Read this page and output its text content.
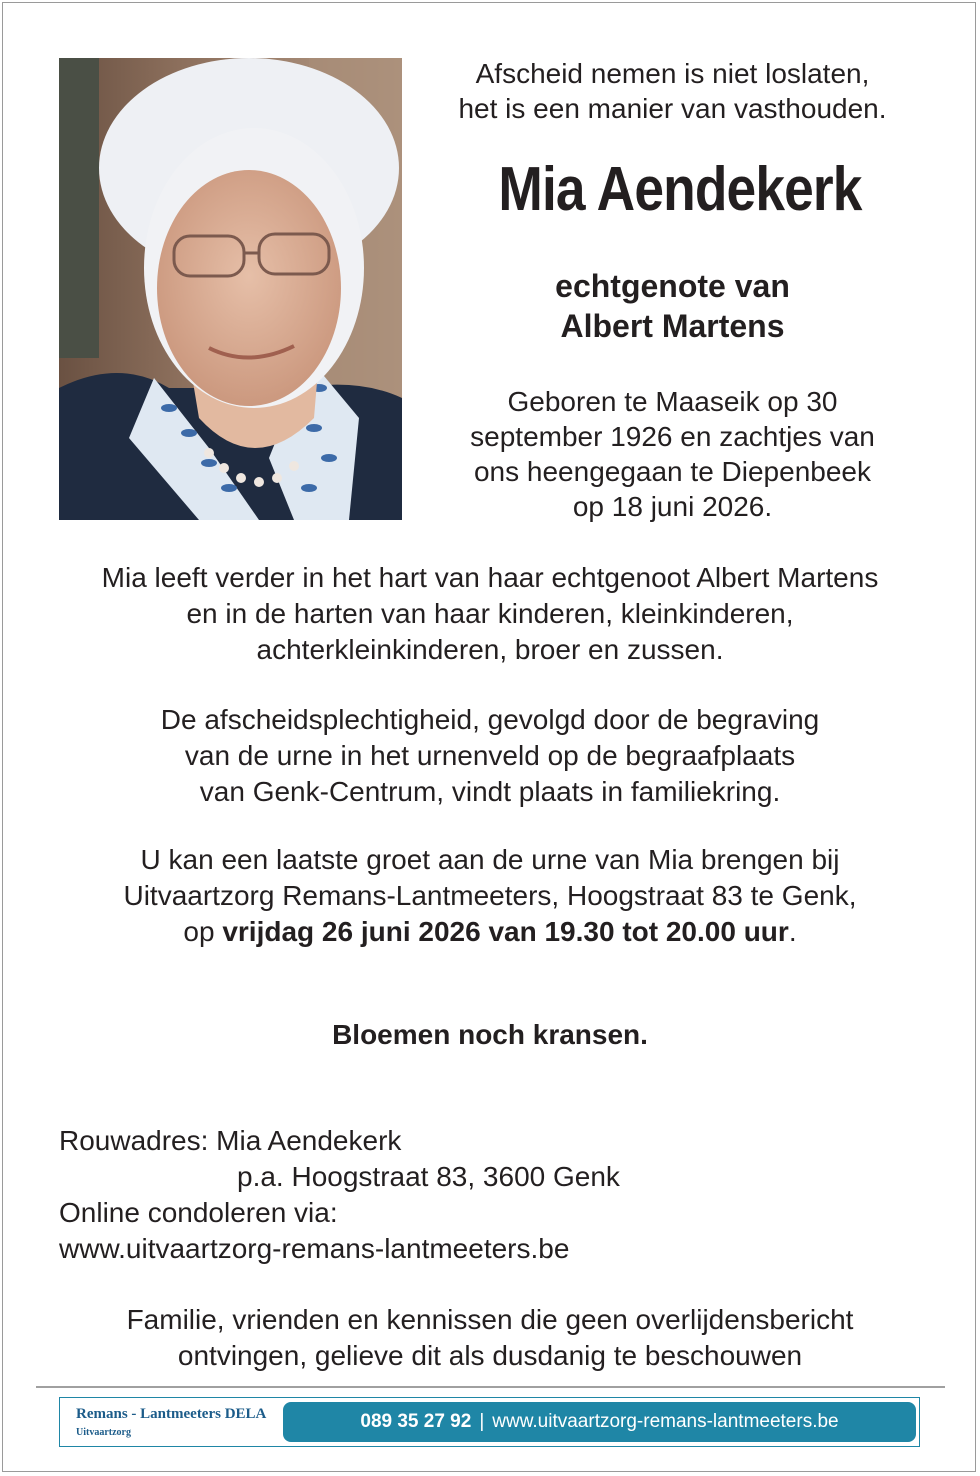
Afscheid nemen is niet loslaten,
het is een manier van vasthouden.
Mia Aendekerk
echtgenote van
Albert Martens
Geboren te Maaseik op 30
september 1926 en zachtjes van
ons heengegaan te Diepenbeek
op 18 juni 2026.
Mia leeft verder in het hart van haar echtgenoot Albert Martens
en in de harten van haar kinderen, kleinkinderen,
achterkleinkinderen, broer en zussen.
De afscheidsplechtigheid, gevolgd door de begraving
van de urne in het urnenveld op de begraafplaats
van Genk-Centrum, vindt plaats in familiekring.
U kan een laatste groet aan de urne van Mia brengen bij
Uitvaartzorg Remans-Lantmeeters, Hoogstraat 83 te Genk,
op vrijdag 26 juni 2026 van 19.30 tot 20.00 uur.
Bloemen noch kransen.
Rouwadres: Mia Aendekerk
p.a. Hoogstraat 83, 3600 Genk
Online condoleren via:
www.uitvaartzorg-remans-lantmeeters.be
Familie, vrienden en kennissen die geen overlijdensbericht
ontvingen, gelieve dit als dusdanig te beschouwen
Remans - Lantmeeters DELA
Uitvaartzorg
089 35 27 92 | www.uitvaartzorg-remans-lantmeeters.be
